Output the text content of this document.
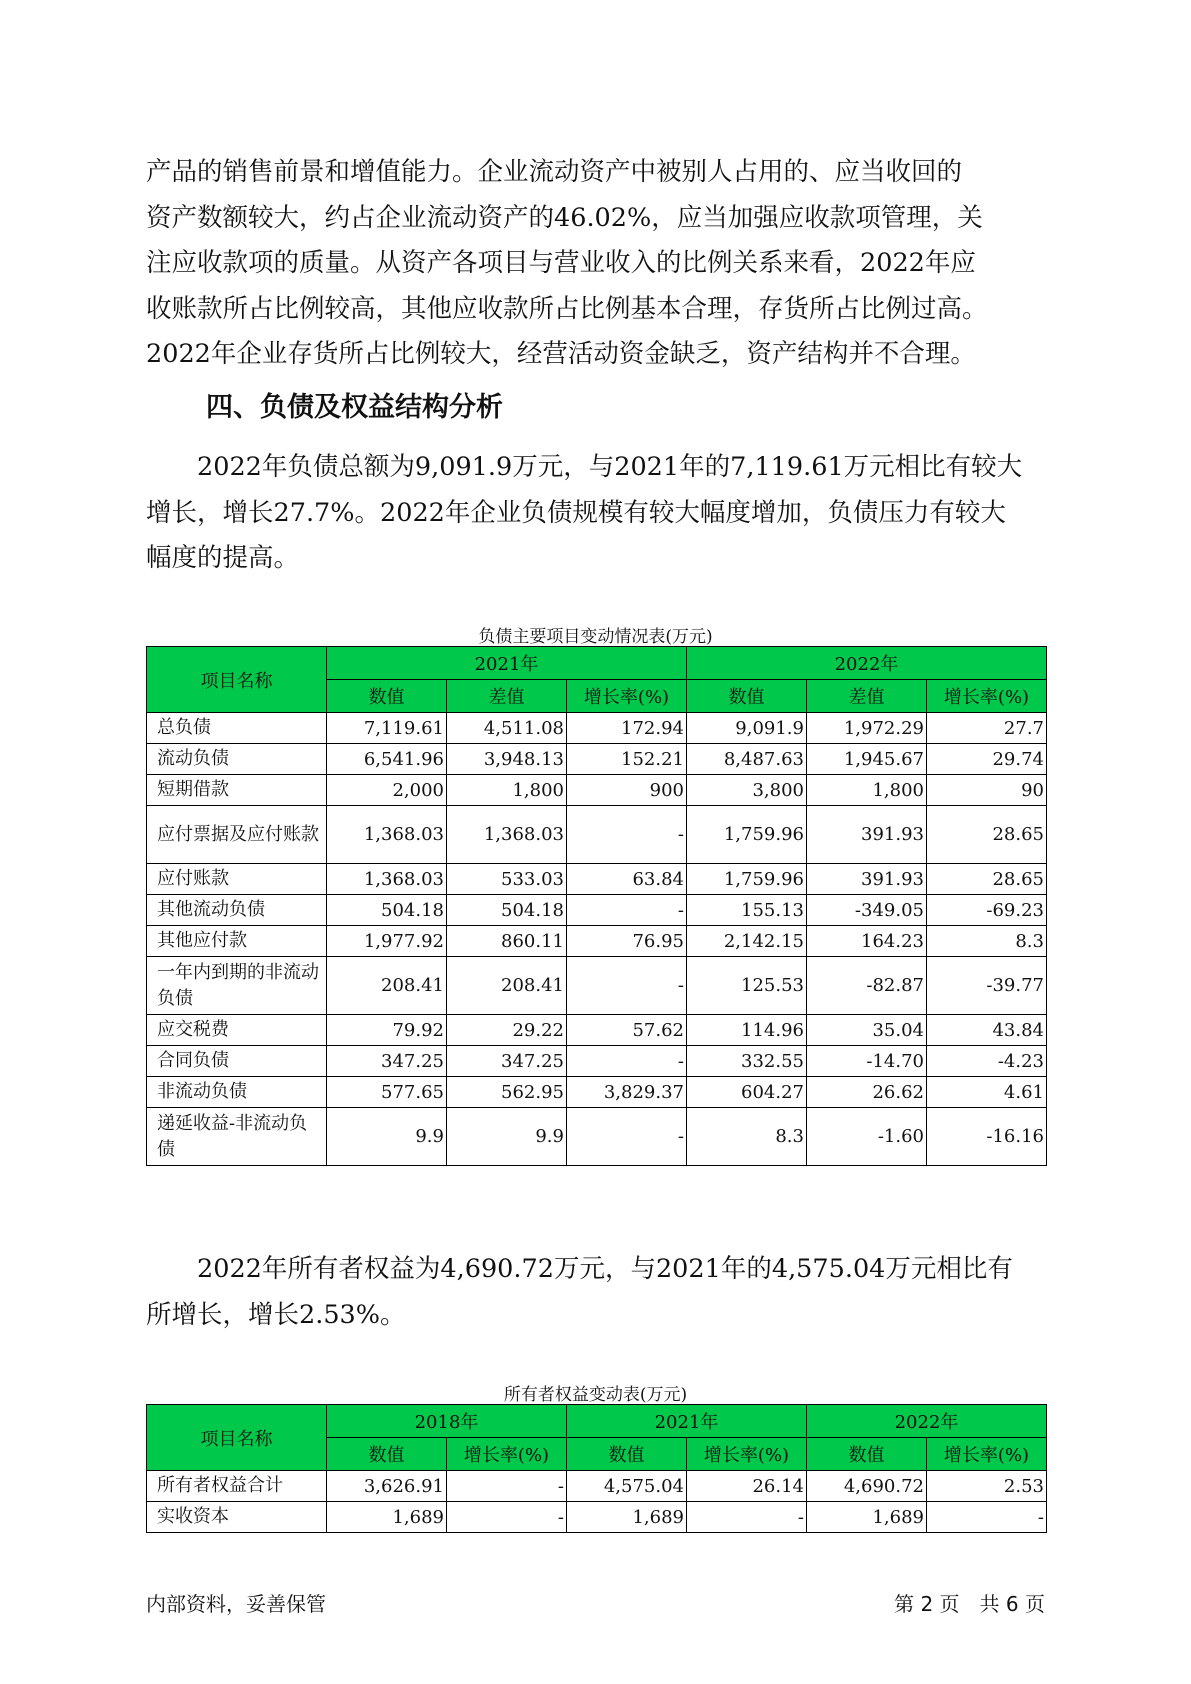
产品的销售前景和增值能力。企业流动资产中被别人占用的、应当收回的
资产数额较大，约占企业流动资产的46.02%，应当加强应收款项管理，关
注应收款项的质量。从资产各项目与营业收入的比例关系来看，2022年应
收账款所占比例较高，其他应收款所占比例基本合理，存货所占比例过高。
2022年企业存货所占比例较大，经营活动资金缺乏，资产结构并不合理。

四、负债及权益结构分析

　　2022年负债总额为9,091.9万元，与2021年的7,119.61万元相比有较大
增长，增长27.7%。2022年企业负债规模有较大幅度增加，负债压力有较大
幅度的提高。

负债主要项目变动情况表(万元)
项目名称	2021年			2022年		
	数值	差值	增长率(%)	数值	差值	增长率(%)
总负债	7,119.61	4,511.08	172.94	9,091.9	1,972.29	27.7
流动负债	6,541.96	3,948.13	152.21	8,487.63	1,945.67	29.74
短期借款	2,000	1,800	900	3,800	1,800	90
应付票据及应付账款	1,368.03	1,368.03	-	1,759.96	391.93	28.65
应付账款	1,368.03	533.03	63.84	1,759.96	391.93	28.65
其他流动负债	504.18	504.18	-	155.13	-349.05	-69.23
其他应付款	1,977.92	860.11	76.95	2,142.15	164.23	8.3
一年内到期的非流动负债	208.41	208.41	-	125.53	-82.87	-39.77
应交税费	79.92	29.22	57.62	114.96	35.04	43.84
合同负债	347.25	347.25	-	332.55	-14.70	-4.23
非流动负债	577.65	562.95	3,829.37	604.27	26.62	4.61
递延收益-非流动负债	9.9	9.9	-	8.3	-1.60	-16.16

　　2022年所有者权益为4,690.72万元，与2021年的4,575.04万元相比有
所增长，增长2.53%。

所有者权益变动表(万元)
项目名称	2018年		2021年		2022年	
	数值	增长率(%)	数值	增长率(%)	数值	增长率(%)
所有者权益合计	3,626.91	-	4,575.04	26.14	4,690.72	2.53
实收资本	1,689	-	1,689	-	1,689	-
内部资料，妥善保管	第 2 页　共 6 页
